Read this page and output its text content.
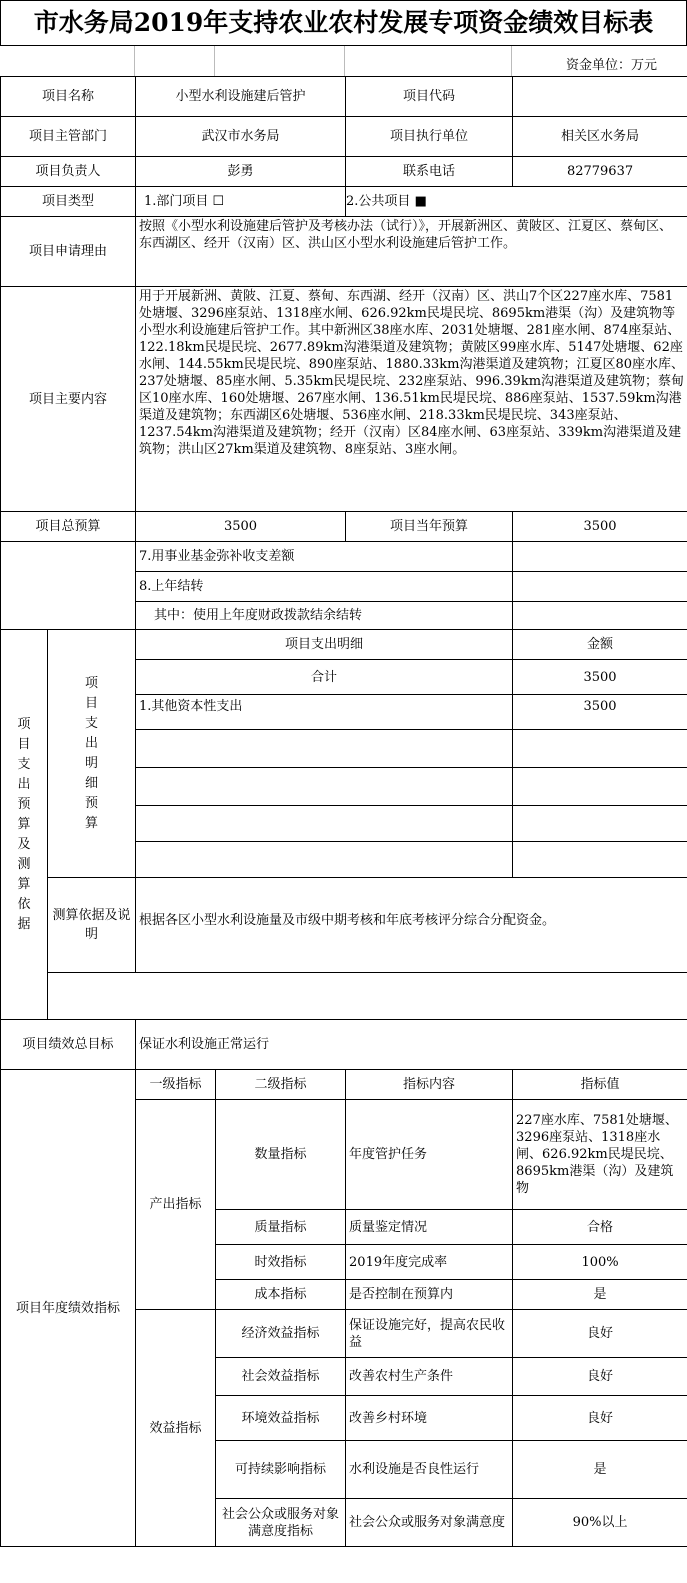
市水务局2019年支持农业农村发展专项资金绩效目标表
资金单位：万元
项目名称		小型水利设施建后管护		项目代码	
项目主管部门		武汉市水务局		项目执行单位	相关区水务局
项目负责人		彭勇		联系电话	82779637
项目类型		1.部门项目 ☐		2.公共项目 ■	
项目申请理由		按照《小型水利设施建后管护及考核办法（试行）》，开展新洲区、黄陂区、江夏区、蔡甸区、东西湖区、经开（汉南）区、洪山区小型水利设施建后管护工作。			
项目主要内容		用于开展新洲、黄陂、江夏、蔡甸、东西湖、经开（汉南）区、洪山7个区227座水库、7581处塘堰、3296座泵站、1318座水闸、626.92km民堤民垸、8695km港渠（沟）及建筑物等小型水利设施建后管护工作。其中新洲区38座水库、2031处塘堰、281座水闸、874座泵站、122.18km民堤民垸、2677.89km沟港渠道及建筑物；黄陂区99座水库、5147处塘堰、62座水闸、144.55km民堤民垸、890座泵站、1880.33km沟港渠道及建筑物；江夏区80座水库、237处塘堰、85座水闸、5.35km民堤民垸、232座泵站、996.39km沟港渠道及建筑物；蔡甸区10座水库、160处塘堰、267座水闸、136.51km民堤民垸、886座泵站、1537.59km沟港渠道及建筑物；东西湖区6处塘堰、536座水闸、218.33km民堤民垸、343座泵站、1237.54km沟港渠道及建筑物；经开（汉南）区84座水闸、63座泵站、339km沟港渠道及建筑物；洪山区27km渠道及建筑物、8座泵站、3座水闸。			
项目总预算		3500		项目当年预算	3500
		7.用事业基金弥补收支差额			
		8.上年结转			
		其中：使用上年度财政拨款结余结转			
项目支出预算及测算依据	项目支出明细预算	项目支出明细			金额
		合计			3500
		1.其他资本性支出			3500

	测算依据及说明	根据各区小型水利设施量及市级中期考核和年底考核评分综合分配资金。			

项目绩效总目标		保证水利设施正常运行			
项目年度绩效指标		一级指标	二级指标	指标内容	指标值
		产出指标	数量指标	年度管护任务	227座水库、7581处塘堰、3296座泵站、1318座水闸、626.92km民堤民垸、8695km港渠（沟）及建筑物
			质量指标	质量鉴定情况	合格
			时效指标	2019年度完成率	100%
			成本指标	是否控制在预算内	是
		效益指标	经济效益指标	保证设施完好，提高农民收益	良好
			社会效益指标	改善农村生产条件	良好
			环境效益指标	改善乡村环境	良好
			可持续影响指标	水利设施是否良性运行	是
			社会公众或服务对象满意度指标	社会公众或服务对象满意度	90%以上
